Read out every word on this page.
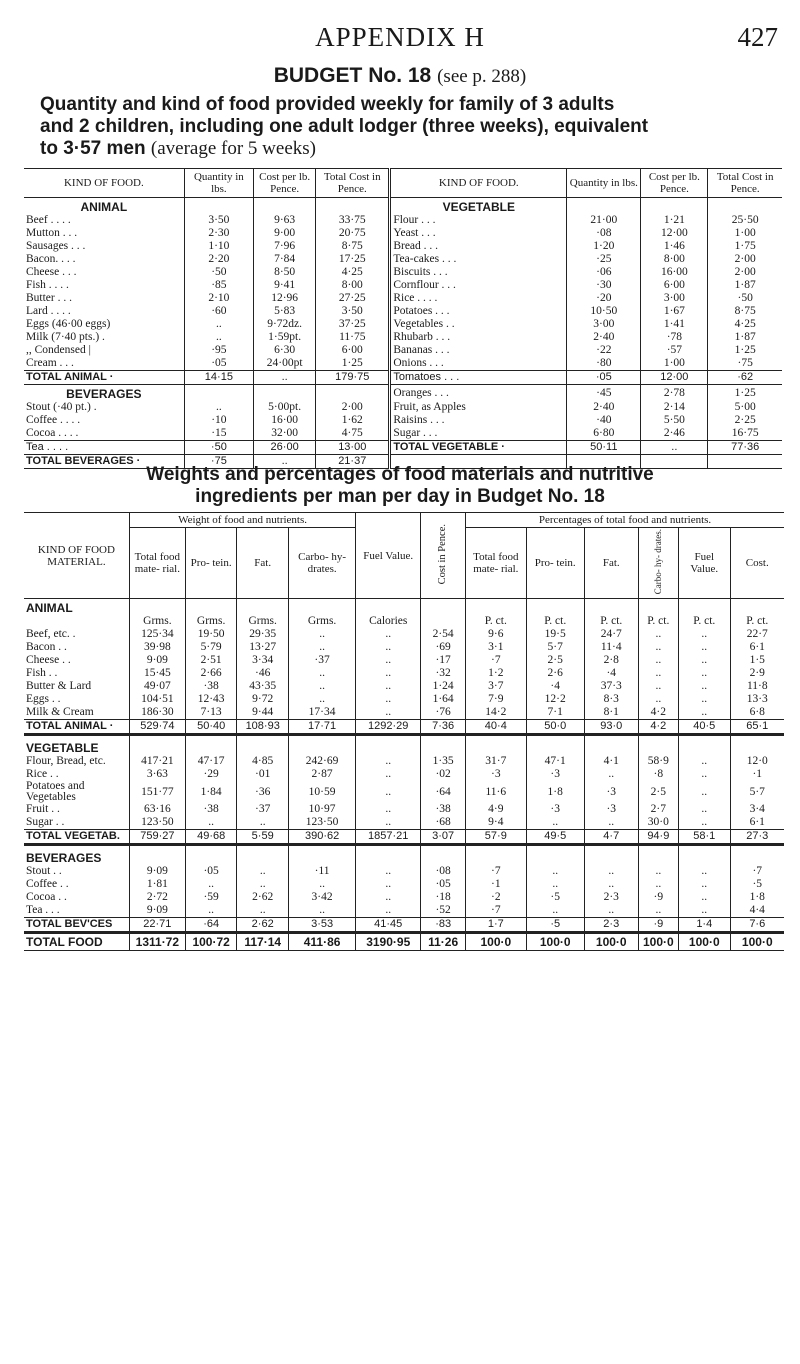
APPENDIX H	427
BUDGET No. 18 (see p. 288)
Quantity and kind of food provided weekly for family of 3 adults
and 2 children, including one adult lodger (three weeks), equivalent
to 3·57 men (average for 5 weeks)
KIND OF FOOD.	Quantity in lbs.	Cost per lb. Pence.	Total Cost in Pence.	KIND OF FOOD.	Quantity in lbs.	Cost per lb. Pence.	Total Cost in Pence.
ANIMAL				VEGETABLE			
Beef . . . .	3·50	9·63	33·75	Flour . . .	21·00	1·21	25·50
Mutton . . .	2·30	9·00	20·75	Yeast . . .	·08	12·00	1·00
Sausages . . .	1·10	7·96	8·75	Bread . . .	1·20	1·46	1·75
Bacon. . . .	2·20	7·84	17·25	Tea-cakes . . .	·25	8·00	2·00
Cheese . . .	·50	8·50	4·25	Biscuits . . .	·06	16·00	2·00
Fish . . . .	·85	9·41	8·00	Cornflour . . .	·30	6·00	1·87
Butter . . .	2·10	12·96	27·25	Rice . . . .	·20	3·00	·50
Lard . . . .	·60	5·83	3·50	Potatoes . . .	10·50	1·67	8·75
Eggs (46·00 eggs)	..	9·72dz.	37·25	Vegetables . .	3·00	1·41	4·25
Milk (7·40 pts.) .	..	1·59pt.	11·75	Rhubarb . . .	2·40	·78	1·87
,, Condensed |	·95	6·30	6·00	Bananas . . .	·22	·57	1·25
Cream . . .	·05	24·00pt	1·25	Onions . . .	·80	1·00	·75
TOTAL ANIMAL ·	14·15	..	179·75	Tomatoes . . .	·05	12·00	·62
BEVERAGES				Oranges . . .	·45	2·78	1·25
Stout (·40 pt.) .	..	5·00pt.	2·00	Fruit, as Apples	2·40	2·14	5·00
Coffee . . . .	·10	16·00	1·62	Raisins . . .	·40	5·50	2·25
Cocoa . . . .	·15	32·00	4·75	Sugar . . .	6·80	2·46	16·75
Tea . . . .	·50	26·00	13·00	TOTAL VEGETABLE ·	50·11	..	77·36
TOTAL BEVERAGES ·	·75	..	21·37				
Weights and percentages of food materials and nutritive
ingredients per man per day in Budget No. 18
KIND OF FOOD MATERIAL.	Weight of food and nutrients.				Fuel Value.	Cost in Pence.	Percentages of total food and nutrients.					
	Total food mate- rial.	Pro- tein.	Fat.	Carbo- hy- drates.			Total food mate- rial.	Pro- tein.	Fat.	Carbo- hy- drates.	Fuel Value.	Cost.
ANIMAL												
	Grms.	Grms.	Grms.	Grms.	Calories		P. ct.	P. ct.	P. ct.	P. ct.	P. ct.	P. ct.
Beef, etc. .	125·34	19·50	29·35	..	..	2·54	9·6	19·5	24·7	..	..	22·7
Bacon . .	39·98	5·79	13·27	..	..	·69	3·1	5·7	11·4	..	..	6·1
Cheese . .	9·09	2·51	3·34	·37	..	·17	·7	2·5	2·8	..	..	1·5
Fish . .	15·45	2·66	·46	..	..	·32	1·2	2·6	·4	..	..	2·9
Butter & Lard	49·07	·38	43·35	..	..	1·24	3·7	·4	37·3	..	..	11·8
Eggs . .	104·51	12·43	9·72	..	..	1·64	7·9	12·2	8·3	..	..	13·3
Milk & Cream	186·30	7·13	9·44	17·34	..	·76	14·2	7·1	8·1	4·2	..	6·8
TOTAL ANIMAL ·	529·74	50·40	108·93	17·71	1292·29	7·36	40·4	50·0	93·0	4·2	40·5	65·1
VEGETABLE												
Flour, Bread, etc.	417·21	47·17	4·85	242·69	..	1·35	31·7	47·1	4·1	58·9	..	12·0
Rice . .	3·63	·29	·01	2·87	..	·02	·3	·3	..	·8	..	·1
Potatoes and Vegetables	151·77	1·84	·36	10·59	..	·64	11·6	1·8	·3	2·5	..	5·7
Fruit . .	63·16	·38	·37	10·97	..	·38	4·9	·3	·3	2·7	..	3·4
Sugar . .	123·50	..	..	123·50	..	·68	9·4	..	..	30·0	..	6·1
TOTAL VEGETAB.	759·27	49·68	5·59	390·62	1857·21	3·07	57·9	49·5	4·7	94·9	58·1	27·3
BEVERAGES												
Stout . .	9·09	·05	..	·11	..	·08	·7	..	..	..	..	·7
Coffee . .	1·81	..	..	..	..	·05	·1	..	..	..	..	·5
Cocoa . .	2·72	·59	2·62	3·42	..	·18	·2	·5	2·3	·9	..	1·8
Tea . . .	9·09	..	..	..	..	·52	·7	..	..	..	..	4·4
TOTAL BEV'CES	22·71	·64	2·62	3·53	41·45	·83	1·7	·5	2·3	·9	1·4	7·6
TOTAL FOOD	1311·72	100·72	117·14	411·86	3190·95	11·26	100·0	100·0	100·0	100·0	100·0	100·0
